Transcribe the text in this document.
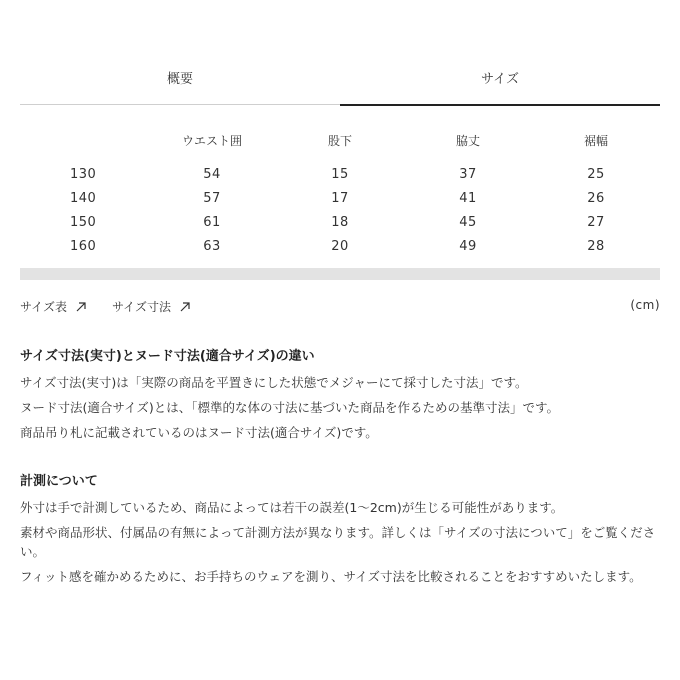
概要	サイズ
	ウエスト囲	股下	脇丈	裾幅

130	54	15	37	25
140	57	17	41	26
150	61	18	45	27
160	63	20	49	28
サイズ表	サイズ寸法	(cm)
サイズ寸法(実寸)とヌード寸法(適合サイズ)の違い

サイズ寸法(実寸)は「実際の商品を平置きにした状態でメジャーにて採寸した寸法」です。

ヌード寸法(適合サイズ)とは、「標準的な体の寸法に基づいた商品を作るための基準寸法」です。

商品吊り札に記載されているのはヌード寸法(適合サイズ)です。

計測について

外寸は手で計測しているため、商品によっては若干の誤差(1〜2cm)が生じる可能性があります。

素材や商品形状、付属品の有無によって計測方法が異なります。詳しくは「サイズの寸法について」をご覧ください。

フィット感を確かめるために、お手持ちのウェアを測り、サイズ寸法を比較されることをおすすめいたします。
